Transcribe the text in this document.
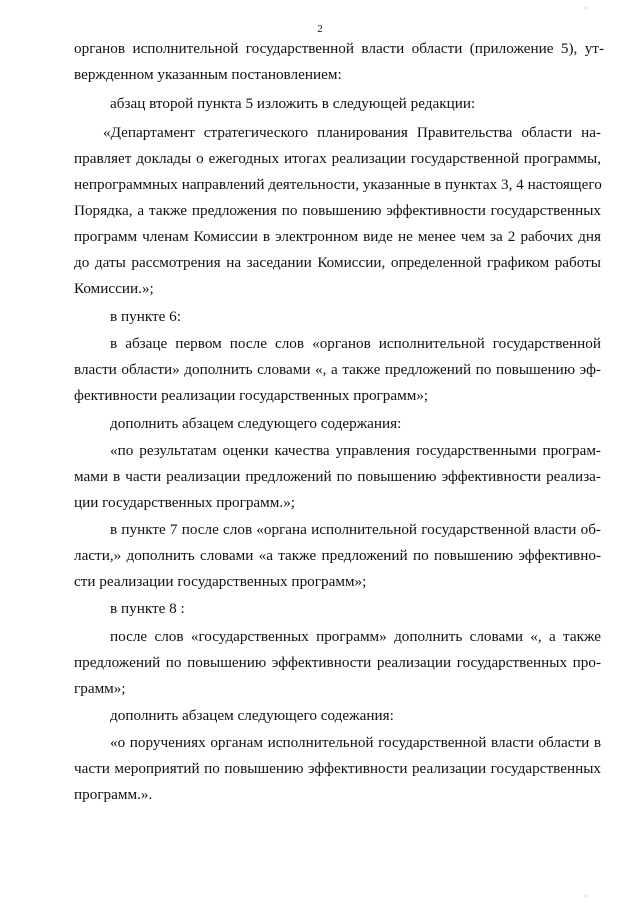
2
органов исполнительной государственной власти области (приложение 5), ут-
вержденном указанным постановлением:
абзац второй пункта 5 изложить в следующей редакции:
«Департамент стратегического планирования Правительства области на-
правляет доклады о ежегодных итогах реализации государственной программы,
непрограммных направлений деятельности, указанные в пунктах 3, 4 настоящего
Порядка, а также предложения по повышению эффективности государственных
программ членам Комиссии в электронном виде не менее чем за 2 рабочих дня
до даты рассмотрения на заседании Комиссии, определенной графиком работы
Комиссии.»;
в пункте 6:
в абзаце первом после слов «органов исполнительной государственной
власти области» дополнить словами «, а также предложений по повышению эф-
фективности реализации государственных программ»;
дополнить абзацем следующего содержания:
«по результатам оценки качества управления государственными програм-
мами в части реализации предложений по повышению эффективности реализа-
ции государственных программ.»;
в пункте 7 после слов «органа исполнительной государственной власти об-
ласти,» дополнить словами «а также предложений по повышению эффективно-
сти реализации государственных программ»;
в пункте 8 :
после слов «государственных программ» дополнить словами «, а также
предложений по повышению эффективности реализации государственных про-
грамм»;
дополнить абзацем следующего содежания:
«о поручениях органам исполнительной государственной власти области в
части мероприятий по повышению эффективности реализации государственных
программ.».
·
·
